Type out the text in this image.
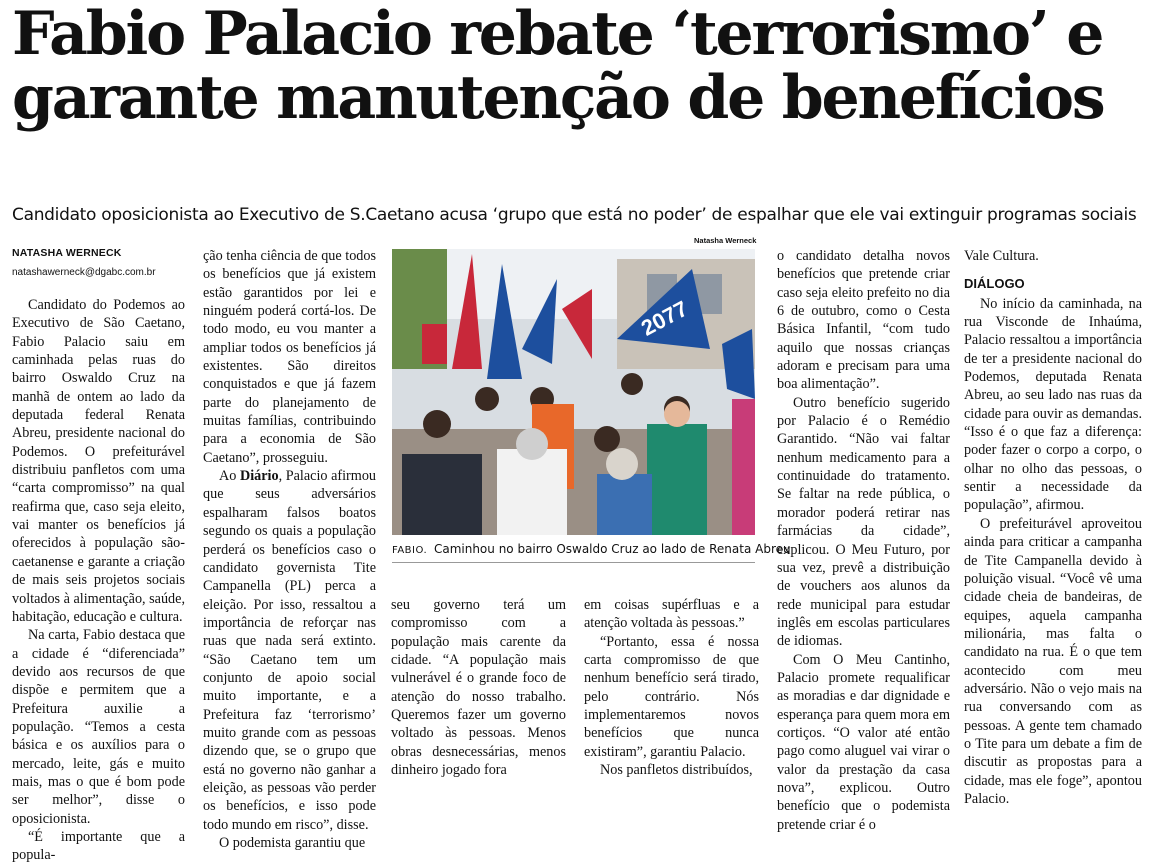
Fabio Palacio rebate ‘terrorismo’ e
garante manutenção de benefícios
Candidato oposicionista ao Executivo de S.Caetano acusa ‘grupo que está no poder’ de espalhar que ele vai extinguir programas sociais
NATASHA WERNECK
natashawerneck@dgabc.com.br

Candidato do Podemos ao Executivo de São Caetano, Fabio Palacio saiu em caminhada pelas ruas do bairro Oswaldo Cruz na manhã de ontem ao lado da deputada federal Renata Abreu, presidente nacional do Podemos. O prefeiturável distribuiu panfletos com uma “carta compromisso” na qual reafirma que, caso seja eleito, vai manter os benefícios já oferecidos à população são-caetanense e garante a criação de mais seis projetos sociais voltados à alimentação, saúde, habitação, educação e cultura.

Na carta, Fabio destaca que a cidade é “diferenciada” devido aos recursos de que dispõe e permitem que a Prefeitura auxilie a população. “Temos a cesta básica e os auxílios para o mercado, leite, gás e muito mais, mas o que é bom pode ser melhor”, disse o oposicionista.

“É importante que a popula-

ção tenha ciência de que todos os benefícios que já existem estão garantidos por lei e ninguém poderá cortá-los. De todo modo, eu vou manter a ampliar todos os benefícios já existentes. São direitos conquistados e que já fazem parte do planejamento de muitas famílias, contribuindo para a economia de São Caetano”, prosseguiu.

Ao Diário, Palacio afirmou que seus adversários espalharam falsos boatos segundo os quais a população perderá os benefícios caso o candidato governista Tite Campanella (PL) perca a eleição. Por isso, ressaltou a importância de reforçar nas ruas que nada será extinto. “São Caetano tem um conjunto de apoio social muito importante, e a Prefeitura faz ‘terrorismo’ muito grande com as pessoas dizendo que, se o grupo que está no governo não ganhar a eleição, as pessoas vão perder os benefícios, e isso pode todo mundo em risco”, disse.

O podemista garantiu que

Natasha Werneck
2077
FABIO. Caminhou no bairro Oswaldo Cruz ao lado de Renata Abreu

seu governo terá um compromisso com a população mais carente da cidade. “A população mais vulnerável é o grande foco de atenção do nosso trabalho. Queremos fazer um governo voltado às pessoas. Menos obras desnecessárias, menos dinheiro jogado fora

em coisas supérfluas e a atenção voltada às pessoas.”

“Portanto, essa é nossa carta compromisso de que nenhum benefício será tirado, pelo contrário. Nós implementaremos novos benefícios que nunca existiram”, garantiu Palacio.

Nos panfletos distribuídos,

o candidato detalha novos benefícios que pretende criar caso seja eleito prefeito no dia 6 de outubro, como o Cesta Básica Infantil, “com tudo aquilo que nossas crianças adoram e precisam para uma boa alimentação”.

Outro benefício sugerido por Palacio é o Remédio Garantido. “Não vai faltar nenhum medicamento para a continuidade do tratamento. Se faltar na rede pública, o morador poderá retirar nas farmácias da cidade”, explicou. O Meu Futuro, por sua vez, prevê a distribuição de vouchers aos alunos da rede municipal para estudar inglês em escolas particulares de idiomas.

Com O Meu Cantinho, Palacio promete requalificar as moradias e dar dignidade e esperança para quem mora em cortiços. “O valor até então pago como aluguel vai virar o valor da prestação da casa nova”, explicou. Outro benefício que o podemista pretende criar é o

Vale Cultura.

DIÁLOGO

No início da caminhada, na rua Visconde de Inhaúma, Palacio ressaltou a importância de ter a presidente nacional do Podemos, deputada Renata Abreu, ao seu lado nas ruas da cidade para ouvir as demandas. “Isso é o que faz a diferença: poder fazer o corpo a corpo, o olhar no olho das pessoas, o sentir a necessidade da população”, afirmou.

O prefeiturável aproveitou ainda para criticar a campanha de Tite Campanella devido à poluição visual. “Você vê uma cidade cheia de bandeiras, de equipes, aquela campanha milionária, mas falta o candidato na rua. É o que tem acontecido com meu adversário. Não o vejo mais na rua conversando com as pessoas. A gente tem chamado o Tite para um debate a fim de discutir as propostas para a cidade, mas ele foge”, apontou Palacio.
